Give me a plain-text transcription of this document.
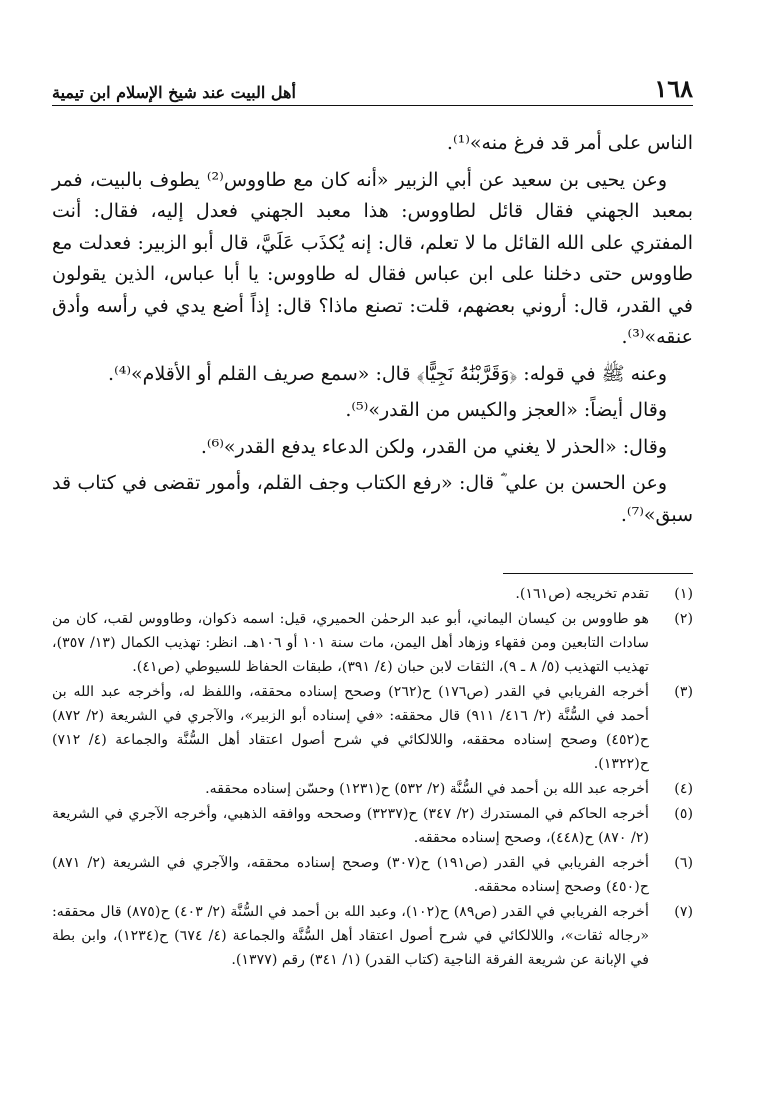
١٦٨
أهل البيت عند شيخ الإسلام ابن تيمية

الناس على أمر قد فرغ منه»⁽¹⁾.

وعن يحيى بن سعيد عن أبي الزبير «أنه كان مع طاووس⁽²⁾ يطوف بالبيت، فمر بمعبد الجهني فقال قائل لطاووس: هذا معبد الجهني فعدل إليه، فقال: أنت المفتري على الله القائل ما لا تعلم، قال: إنه يُكذَب عَلَيَّ، قال أبو الزبير: فعدلت مع طاووس حتى دخلنا على ابن عباس فقال له طاووس: يا أبا عباس، الذين يقولون في القدر، قال: أروني بعضهم، قلت: تصنع ماذا؟ قال: إذاً أضع يدي في رأسه وأدق عنقه»⁽³⁾.

وعنه ﷺ في قوله: ﴿وَقَرَّبْنَٰهُ نَجِيًّا﴾ قال: «سمع صريف القلم أو الأقلام»⁽⁴⁾.

وقال أيضاً: «العجز والكيس من القدر»⁽⁵⁾.

وقال: «الحذر لا يغني من القدر، ولكن الدعاء يدفع القدر»⁽⁶⁾.

وعن الحسن بن علي ؓ قال: «رفع الكتاب وجف القلم، وأمور تقضى في كتاب قد سبق»⁽⁷⁾.

(١)
تقدم تخريجه (ص١٦١).
(٢)
هو طاووس بن كيسان اليماني، أبو عبد الرحمٰن الحميري، قيل: اسمه ذكوان، وطاووس لقب، كان من سادات التابعين ومن فقهاء وزهاد أهل اليمن، مات سنة ١٠١ أو ١٠٦هـ. انظر: تهذيب الكمال (١٣/ ٣٥٧)، تهذيب التهذيب (٥/ ٨ ـ ٩)، الثقات لابن حبان (٤/ ٣٩١)، طبقات الحفاظ للسيوطي (ص٤١).
(٣)
أخرجه الفريابي في القدر (ص١٧٦) ح(٢٦٢) وصحح إسناده محققه، واللفظ له، وأخرجه عبد الله بن أحمد في السُّنَّة (٢/ ٤١٦/ ٩١١) قال محققه: «في إسناده أبو الزبير»، والآجري في الشريعة (٢/ ٨٧٢) ح(٤٥٢) وصحح إسناده محققه، واللالكائي في شرح أصول اعتقاد أهل السُّنَّة والجماعة (٤/ ٧١٢) ح(١٣٢٢).
(٤)
أخرجه عبد الله بن أحمد في السُّنَّة (٢/ ٥٣٢) ح(١٢٣١) وحسّن إسناده محققه.
(٥)
أخرجه الحاكم في المستدرك (٢/ ٣٤٧) ح(٣٢٣٧) وصححه ووافقه الذهبي، وأخرجه الآجري في الشريعة (٢/ ٨٧٠) ح(٤٤٨)، وصحح إسناده محققه.
(٦)
أخرجه الفريابي في القدر (ص١٩١) ح(٣٠٧) وصحح إسناده محققه، والآجري في الشريعة (٢/ ٨٧١) ح(٤٥٠) وصحح إسناده محققه.
(٧)
أخرجه الفريابي في القدر (ص٨٩) ح(١٠٢)، وعبد الله بن أحمد في السُّنَّة (٢/ ٤٠٣) ح(٨٧٥) قال محققه: «رجاله ثقات»، واللالكائي في شرح أصول اعتقاد أهل السُّنَّة والجماعة (٤/ ٦٧٤) ح(١٢٣٤)، وابن بطة في الإبانة عن شريعة الفرقة الناجية (كتاب القدر) (١/ ٣٤١) رقم (١٣٧٧).
